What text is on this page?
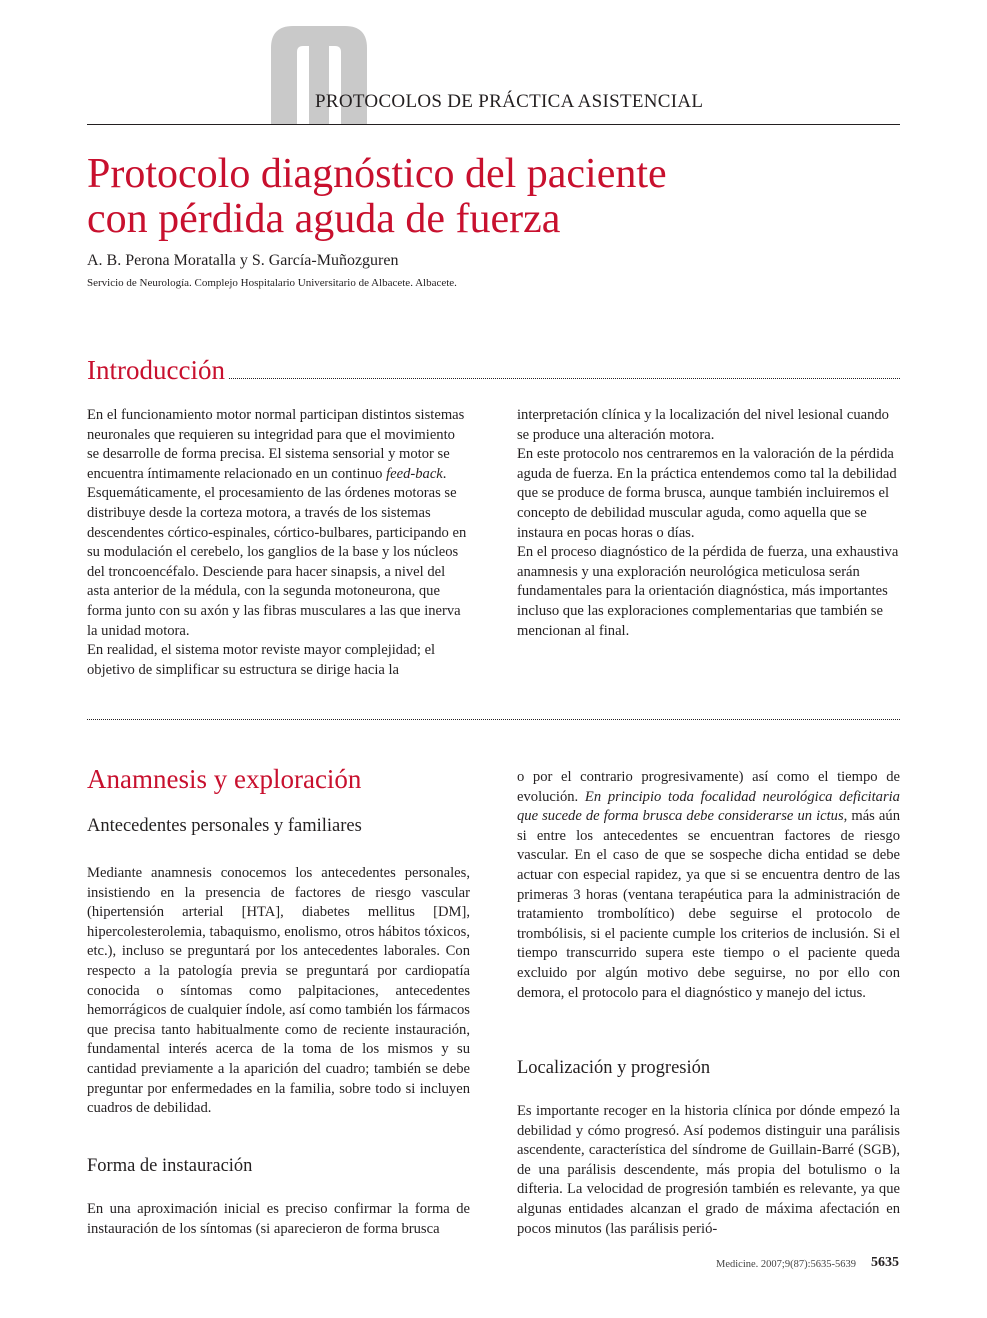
PROTOCOLOS DE PRÁCTICA ASISTENCIAL
Protocolo diagnóstico del paciente
con pérdida aguda de fuerza
A. B. Perona Moratalla y S. García-Muñozguren
Servicio de Neurología. Complejo Hospitalario Universitario de Albacete. Albacete.
Introducción

En el funcionamiento motor normal participan distintos sistemas neuronales que requieren su integridad para que el movimiento se desarrolle de forma precisa. El sistema sensorial y motor se encuentra íntimamente relacionado en un continuo feed-back. Esquemáticamente, el procesamiento de las órdenes motoras se distribuye desde la corteza motora, a través de los sistemas descendentes córtico-espinales, córtico-bulbares, participando en su modulación el cerebelo, los ganglios de la base y los núcleos del troncoencéfalo. Desciende para hacer sinapsis, a nivel del asta anterior de la médula, con la segunda motoneurona, que forma junto con su axón y las fibras musculares a las que inerva la unidad motora.

En realidad, el sistema motor reviste mayor complejidad; el objetivo de simplificar su estructura se dirige hacia la

interpretación clínica y la localización del nivel lesional cuando se produce una alteración motora.

En este protocolo nos centraremos en la valoración de la pérdida aguda de fuerza. En la práctica entendemos como tal la debilidad que se produce de forma brusca, aunque también incluiremos el concepto de debilidad muscular aguda, como aquella que se instaura en pocas horas o días.

En el proceso diagnóstico de la pérdida de fuerza, una exhaustiva anamnesis y una exploración neurológica meticulosa serán fundamentales para la orientación diagnóstica, más importantes incluso que las exploraciones complementarias que también se mencionan al final.

Anamnesis y exploración
Antecedentes personales y familiares

Mediante anamnesis conocemos los antecedentes personales, insistiendo en la presencia de factores de riesgo vascular (hipertensión arterial [HTA], diabetes mellitus [DM], hipercolesterolemia, tabaquismo, enolismo, otros hábitos tóxicos, etc.), incluso se preguntará por los antecedentes laborales. Con respecto a la patología previa se preguntará por cardiopatía conocida o síntomas como palpitaciones, antecedentes hemorrágicos de cualquier índole, así como también los fármacos que precisa tanto habitualmente como de reciente instauración, fundamental interés acerca de la toma de los mismos y su cantidad previamente a la aparición del cuadro; también se debe preguntar por enfermedades en la familia, sobre todo si incluyen cuadros de debilidad.

Forma de instauración

En una aproximación inicial es preciso confirmar la forma de instauración de los síntomas (si aparecieron de forma brusca

o por el contrario progresivamente) así como el tiempo de evolución. En principio toda focalidad neurológica deficitaria que sucede de forma brusca debe considerarse un ictus, más aún si entre los antecedentes se encuentran factores de riesgo vascular. En el caso de que se sospeche dicha entidad se debe actuar con especial rapidez, ya que si se encuentra dentro de las primeras 3 horas (ventana terapéutica para la administración de tratamiento trombolítico) debe seguirse el protocolo de trombólisis, si el paciente cumple los criterios de inclusión. Si el tiempo transcurrido supera este tiempo o el paciente queda excluido por algún motivo debe seguirse, no por ello con demora, el protocolo para el diagnóstico y manejo del ictus.

Localización y progresión

Es importante recoger en la historia clínica por dónde empezó la debilidad y cómo progresó. Así podemos distinguir una parálisis ascendente, característica del síndrome de Guillain-Barré (SGB), de una parálisis descendente, más propia del botulismo o la difteria. La velocidad de progresión también es relevante, ya que algunas entidades alcanzan el grado de máxima afectación en pocos minutos (las parálisis perió-

Medicine. 2007;9(87):5635-5639 5635
